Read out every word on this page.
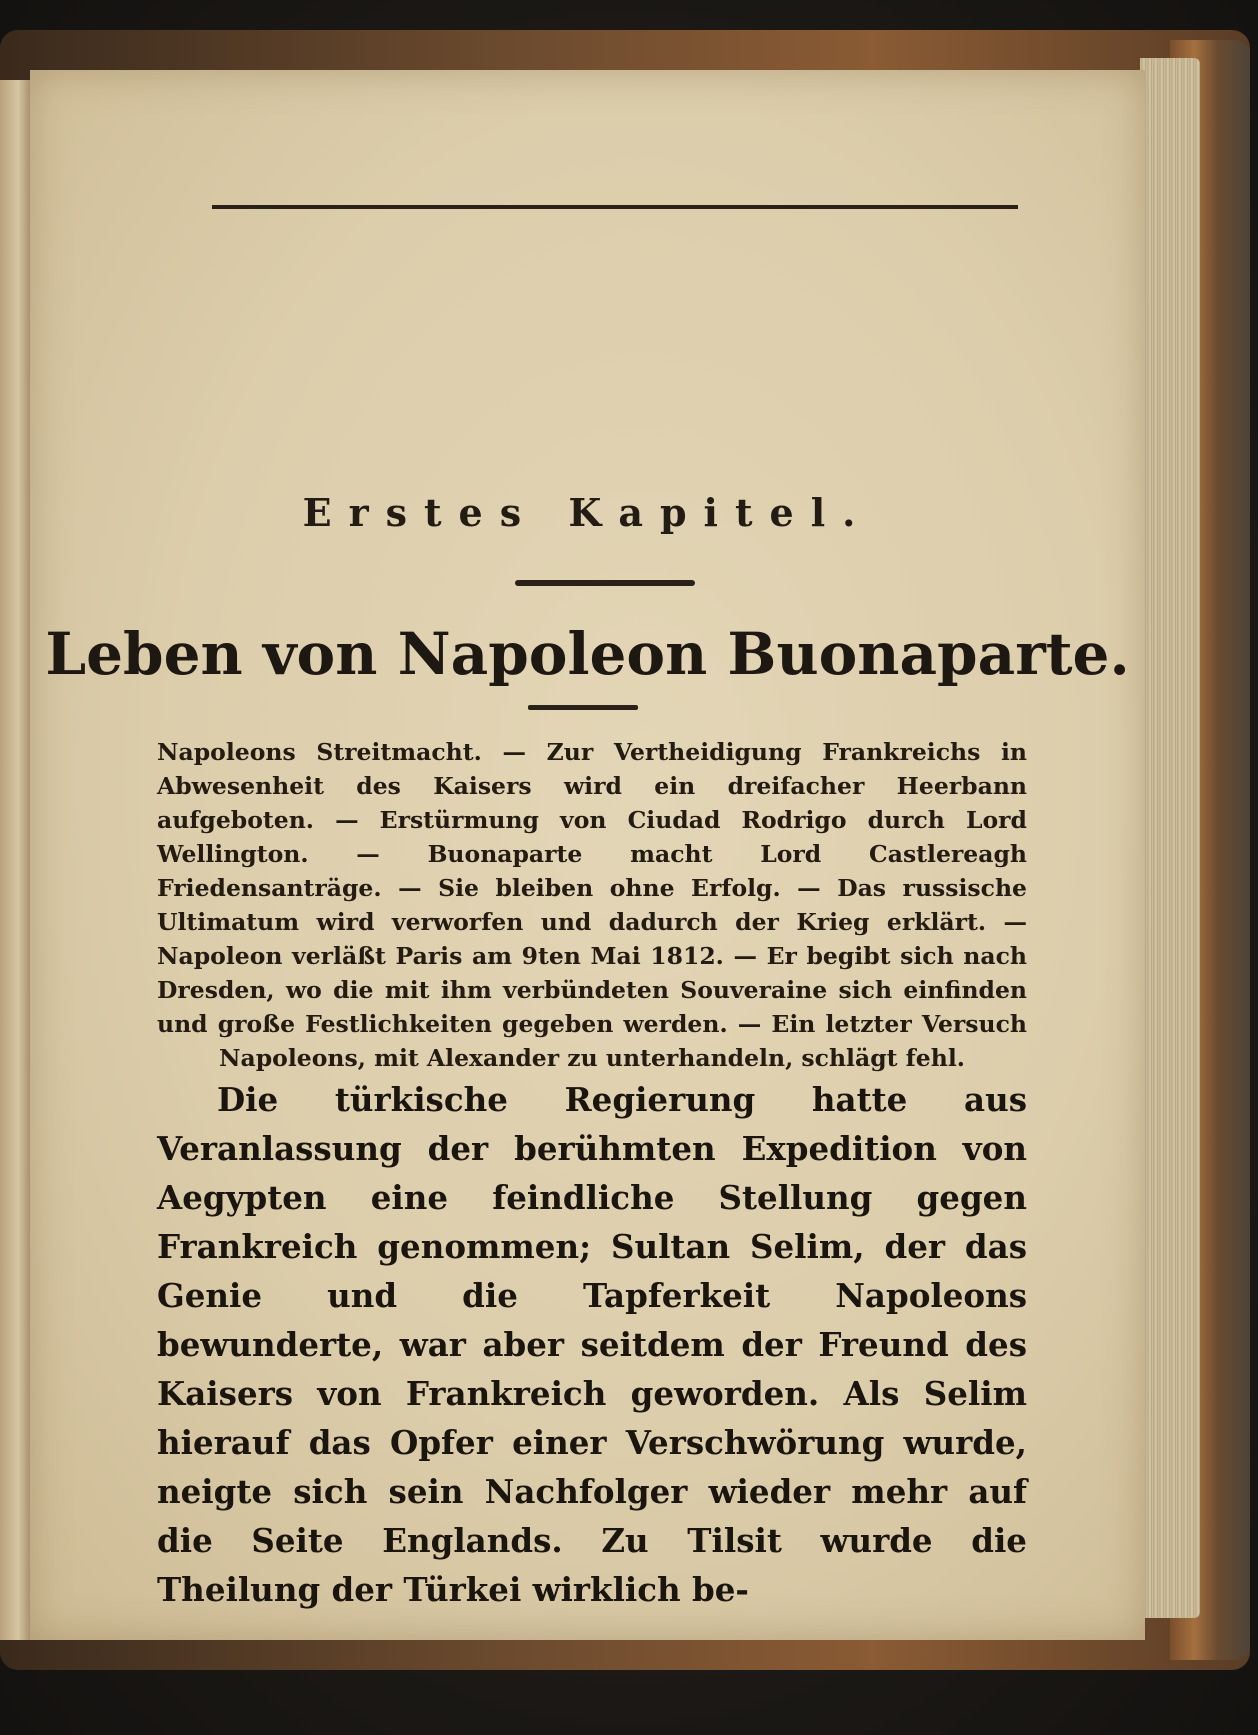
Erstes Kapitel.
Leben von Napoleon Buonaparte.
Napoleons Streitmacht. — Zur Vertheidigung Frankreichs in Abwesenheit des Kaisers wird ein dreifacher Heerbann aufgeboten. — Erstürmung von Ciudad Rodrigo durch Lord Wellington. — Buonaparte macht Lord Castlereagh Friedensanträge. — Sie bleiben ohne Erfolg. — Das russische Ultimatum wird verworfen und dadurch der Krieg erklärt. — Napoleon verläßt Paris am 9ten Mai 1812. — Er begibt sich nach Dresden, wo die mit ihm verbündeten Souveraine sich einfinden und große Festlichkeiten gegeben werden. — Ein letzter Versuch Napoleons, mit Alexander zu unterhandeln, schlägt fehl.
Die türkische Regierung hatte aus Veranlassung der berühmten Expedition von Aegypten eine feindliche Stellung gegen Frankreich genommen; Sultan Selim, der das Genie und die Tapferkeit Napoleons bewunderte, war aber seitdem der Freund des Kaisers von Frankreich geworden. Als Selim hierauf das Opfer einer Verschwörung wurde, neigte sich sein Nachfolger wieder mehr auf die Seite Englands. Zu Tilsit wurde die Theilung der Türkei wirklich be-
